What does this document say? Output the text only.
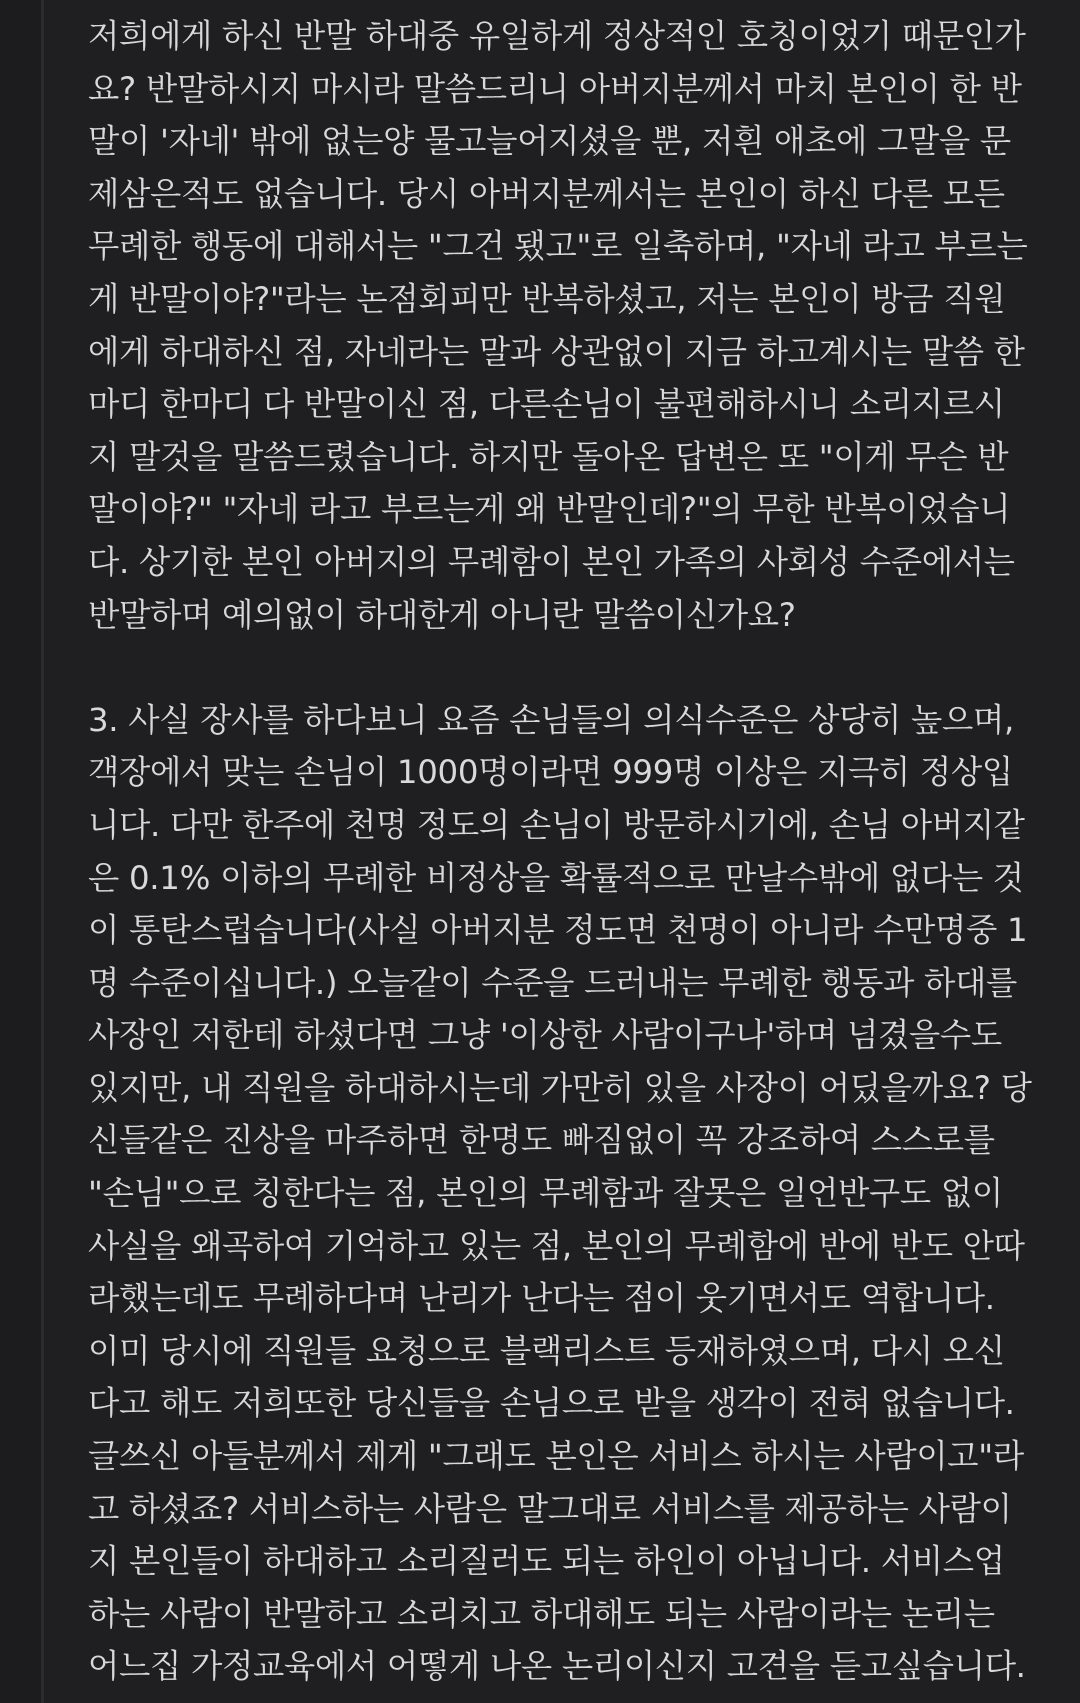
저희에게 하신 반말 하대중 유일하게 정상적인 호칭이었기 때문인가
요? 반말하시지 마시라 말씀드리니 아버지분께서 마치 본인이 한 반
말이 '자네' 밖에 없는양 물고늘어지셨을 뿐, 저흰 애초에 그말을 문
제삼은적도 없습니다. 당시 아버지분께서는 본인이 하신 다른 모든
무례한 행동에 대해서는 "그건 됐고"로 일축하며, "자네 라고 부르는
게 반말이야?"라는 논점회피만 반복하셨고, 저는 본인이 방금 직원
에게 하대하신 점, 자네라는 말과 상관없이 지금 하고계시는 말씀 한
마디 한마디 다 반말이신 점, 다른손님이 불편해하시니 소리지르시
지 말것을 말씀드렸습니다. 하지만 돌아온 답변은 또 "이게 무슨 반
말이야?" "자네 라고 부르는게 왜 반말인데?"의 무한 반복이었습니
다. 상기한 본인 아버지의 무례함이 본인 가족의 사회성 수준에서는
반말하며 예의없이 하대한게 아니란 말씀이신가요?
3. 사실 장사를 하다보니 요즘 손님들의 의식수준은 상당히 높으며,
객장에서 맞는 손님이 1000명이라면 999명 이상은 지극히 정상입
니다. 다만 한주에 천명 정도의 손님이 방문하시기에, 손님 아버지같
은 0.1% 이하의 무례한 비정상을 확률적으로 만날수밖에 없다는 것
이 통탄스럽습니다(사실 아버지분 정도면 천명이 아니라 수만명중 1
명 수준이십니다.) 오늘같이 수준을 드러내는 무례한 행동과 하대를
사장인 저한테 하셨다면 그냥 '이상한 사람이구나'하며 넘겼을수도
있지만, 내 직원을 하대하시는데 가만히 있을 사장이 어딨을까요? 당
신들같은 진상을 마주하면 한명도 빠짐없이 꼭 강조하여 스스로를
"손님"으로 칭한다는 점, 본인의 무례함과 잘못은 일언반구도 없이
사실을 왜곡하여 기억하고 있는 점, 본인의 무례함에 반에 반도 안따
라했는데도 무례하다며 난리가 난다는 점이 웃기면서도 역합니다.
이미 당시에 직원들 요청으로 블랙리스트 등재하였으며, 다시 오신
다고 해도 저희또한 당신들을 손님으로 받을 생각이 전혀 없습니다.
글쓰신 아들분께서 제게 "그래도 본인은 서비스 하시는 사람이고"라
고 하셨죠? 서비스하는 사람은 말그대로 서비스를 제공하는 사람이
지 본인들이 하대하고 소리질러도 되는 하인이 아닙니다. 서비스업
하는 사람이 반말하고 소리치고 하대해도 되는 사람이라는 논리는
어느집 가정교육에서 어떻게 나온 논리이신지 고견을 듣고싶습니다.
